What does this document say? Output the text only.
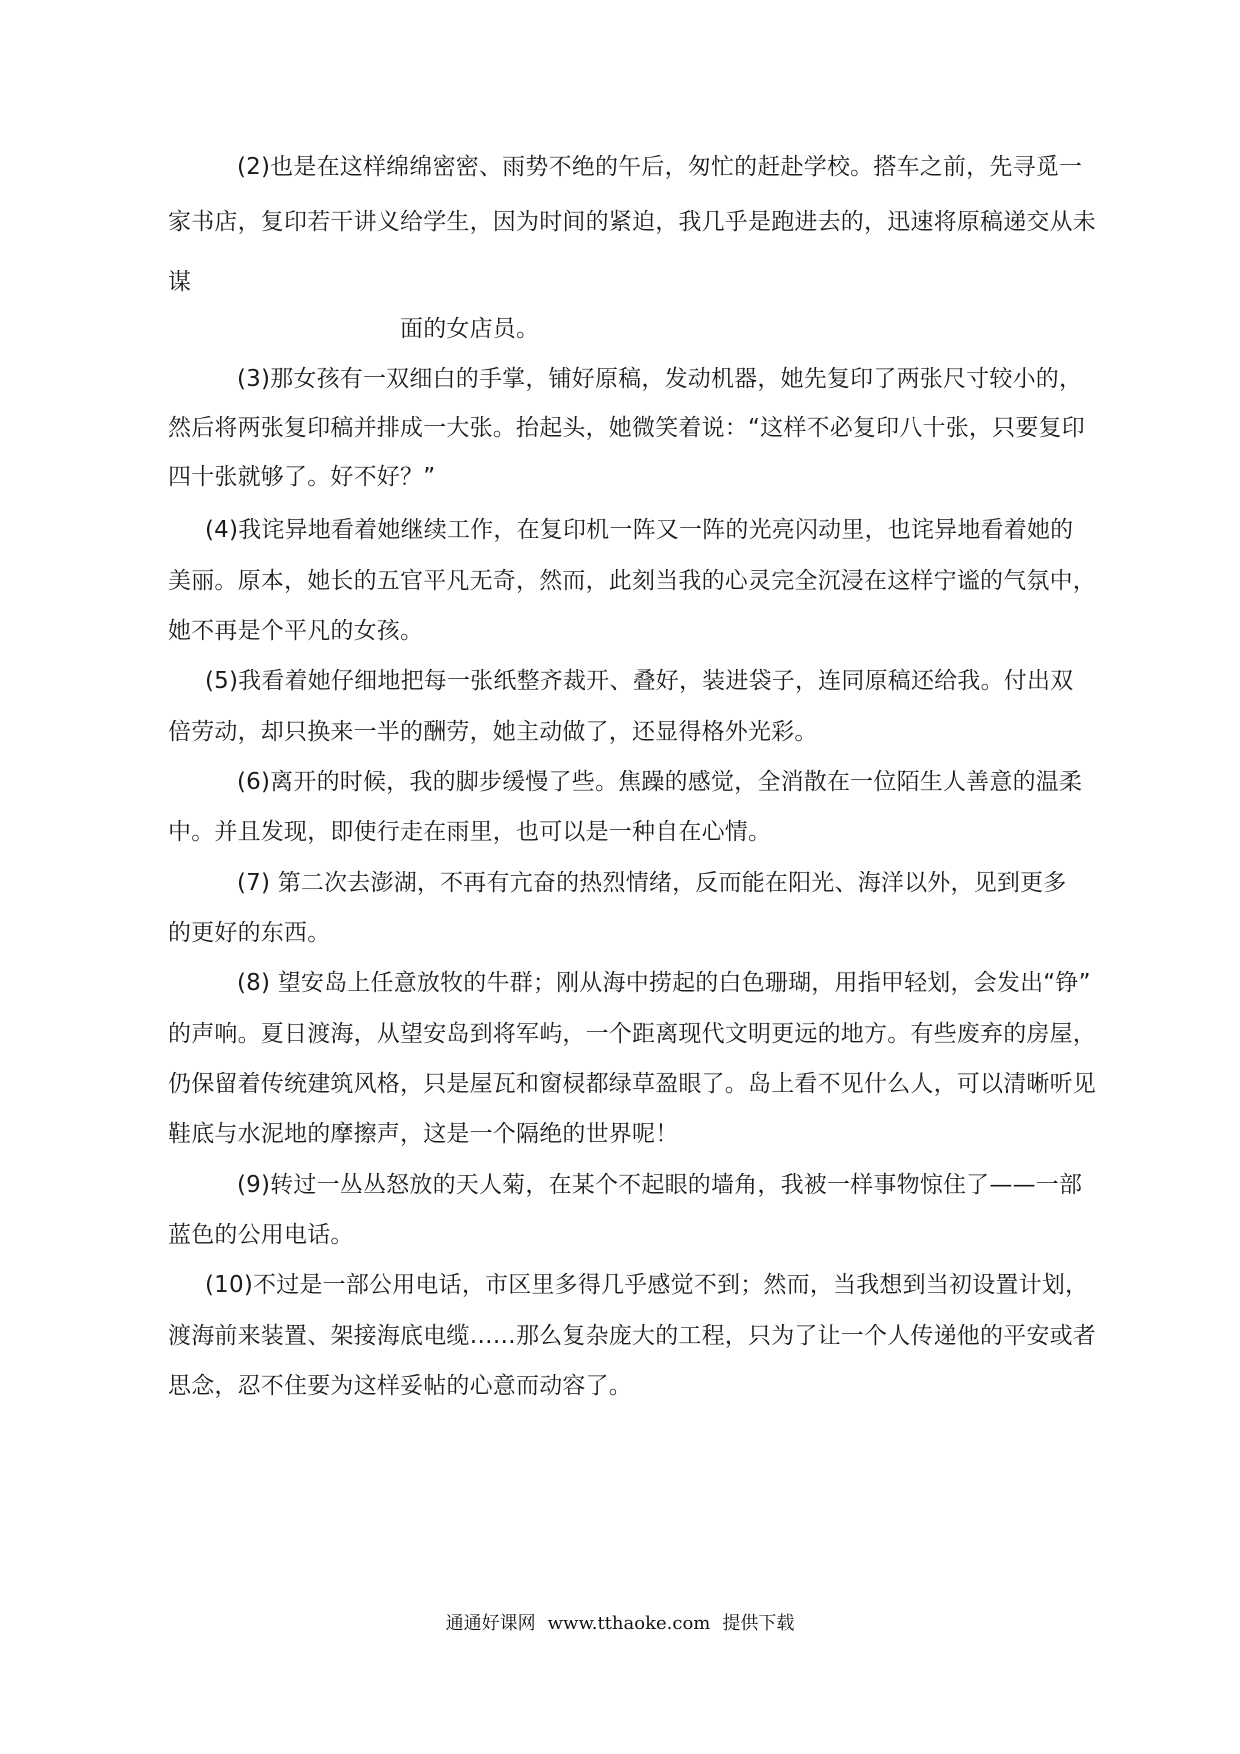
(2)也是在这样绵绵密密、雨势不绝的午后，匆忙的赶赴学校。搭车之前，先寻觅一
家书店，复印若干讲义给学生，因为时间的紧迫，我几乎是跑进去的，迅速将原稿递交从未
谋
面的女店员。
(3)那女孩有一双细白的手掌，铺好原稿，发动机器，她先复印了两张尺寸较小的，
然后将两张复印稿并排成一大张。抬起头，她微笑着说：“这样不必复印八十张，只要复印
四十张就够了。好不好？”
(4)我诧异地看着她继续工作，在复印机一阵又一阵的光亮闪动里，也诧异地看着她的
美丽。原本，她长的五官平凡无奇，然而，此刻当我的心灵完全沉浸在这样宁谧的气氛中，
她不再是个平凡的女孩。
(5)我看着她仔细地把每一张纸整齐裁开、叠好，装进袋子，连同原稿还给我。付出双
倍劳动，却只换来一半的酬劳，她主动做了，还显得格外光彩。
(6)离开的时候，我的脚步缓慢了些。焦躁的感觉，全消散在一位陌生人善意的温柔
中。并且发现，即使行走在雨里，也可以是一种自在心情。
(7) 第二次去澎湖，不再有亢奋的热烈情绪，反而能在阳光、海洋以外，见到更多
的更好的东西。
(8) 望安岛上任意放牧的牛群；刚从海中捞起的白色珊瑚，用指甲轻划，会发出“铮”
的声响。夏日渡海，从望安岛到将军屿，一个距离现代文明更远的地方。有些废弃的房屋，
仍保留着传统建筑风格，只是屋瓦和窗棂都绿草盈眼了。岛上看不见什么人，可以清晰听见
鞋底与水泥地的摩擦声，这是一个隔绝的世界呢！
(9)转过一丛丛怒放的天人菊，在某个不起眼的墙角，我被一样事物惊住了——一部
蓝色的公用电话。
(10)不过是一部公用电话，市区里多得几乎感觉不到；然而，当我想到当初设置计划，
渡海前来装置、架接海底电缆……那么复杂庞大的工程，只为了让一个人传递他的平安或者
思念，忍不住要为这样妥帖的心意而动容了。
通通好课网 www.tthaoke.com 提供下载
